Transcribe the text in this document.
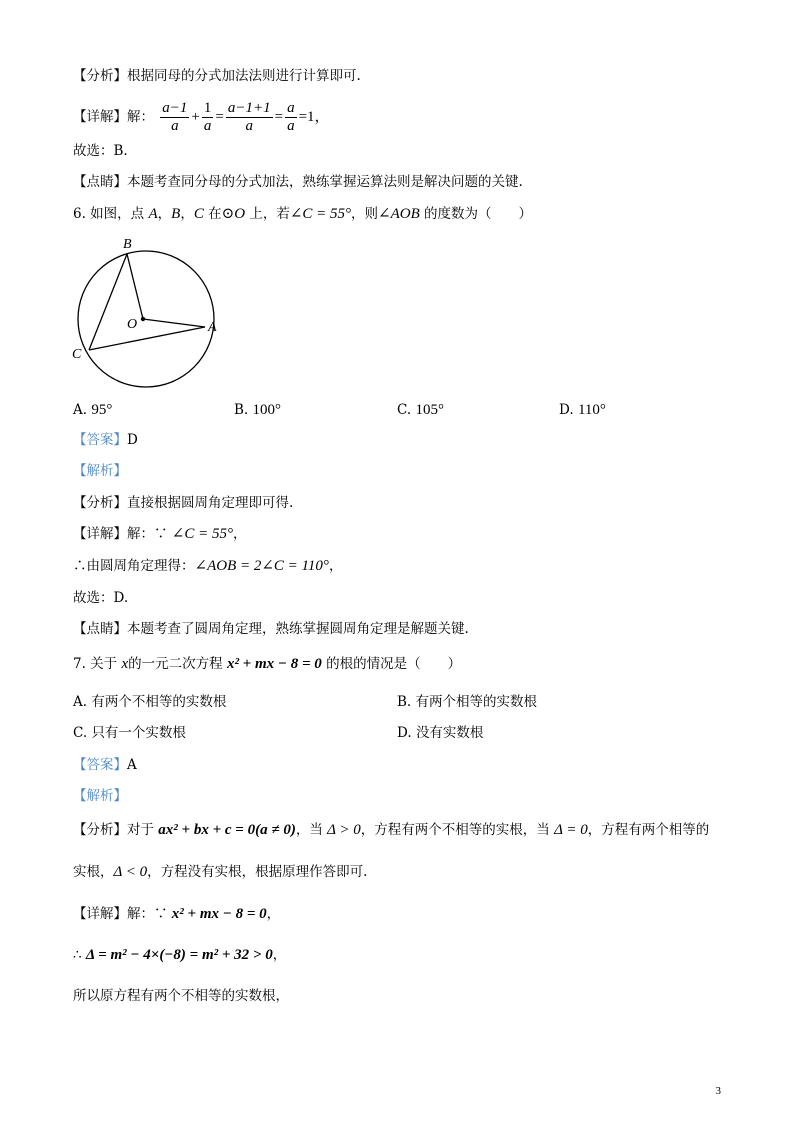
【分析】根据同母的分式加法法则进行计算即可.
【详解】解： $\frac{a-1}{a} + \frac{1}{a} = \frac{a-1+1}{a} = \frac{a}{a} =1$，
故选：B.
【点睛】本题考查同分母的分式加法，熟练掌握运算法则是解决问题的关键.
6. 如图，点 A，B，C 在⊙O 上，若∠C = 55°，则∠AOB 的度数为（　　）
B
O	A
C
A. 95°	B. 100°	C. 105°	D. 110°
【答案】D
【解析】
【分析】直接根据圆周角定理即可得.
【详解】解：∵ ∠C = 55°，
∴由圆周角定理得：∠AOB = 2∠C = 110°，
故选：D.
【点睛】本题考查了圆周角定理，熟练掌握圆周角定理是解题关键.
7. 关于 x的一元二次方程 x² + mx − 8 = 0 的根的情况是（　　）
A. 有两个不相等的实数根	B. 有两个相等的实数根
C. 只有一个实数根	D. 没有实数根
【答案】A
【解析】
【分析】对于 ax² + bx + c = 0(a ≠ 0)，当 Δ > 0，方程有两个不相等的实根，当 Δ = 0，方程有两个相等的
实根，Δ < 0，方程没有实根，根据原理作答即可.
【详解】解：∵ x² + mx − 8 = 0，
∴ Δ = m² − 4×(−8) = m² + 32 > 0，
所以原方程有两个不相等的实数根，
3
